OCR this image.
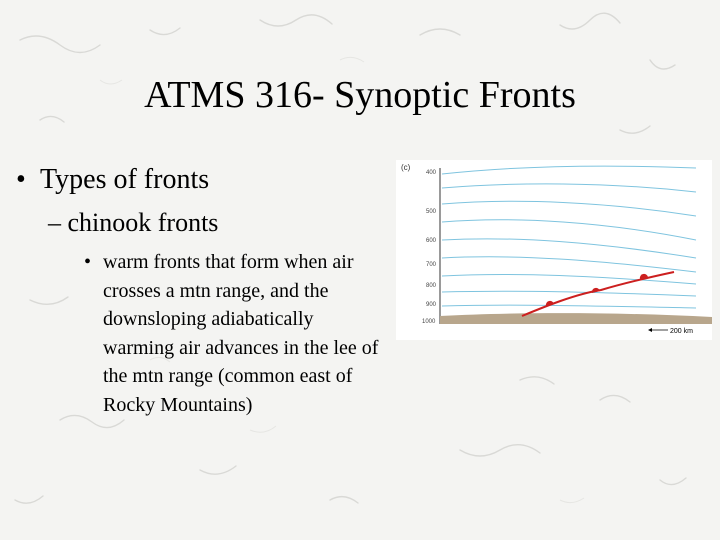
ATMS 316- Synoptic Fronts
• Types of fronts
– chinook fronts
• warm fronts that form when air
crosses a mtn range, and the
downsloping adiabatically
warming air advances in the lee of
the mtn range (common east of
Rocky Mountains)
(c)
400
500
600
700
800
900
1000
200 km
